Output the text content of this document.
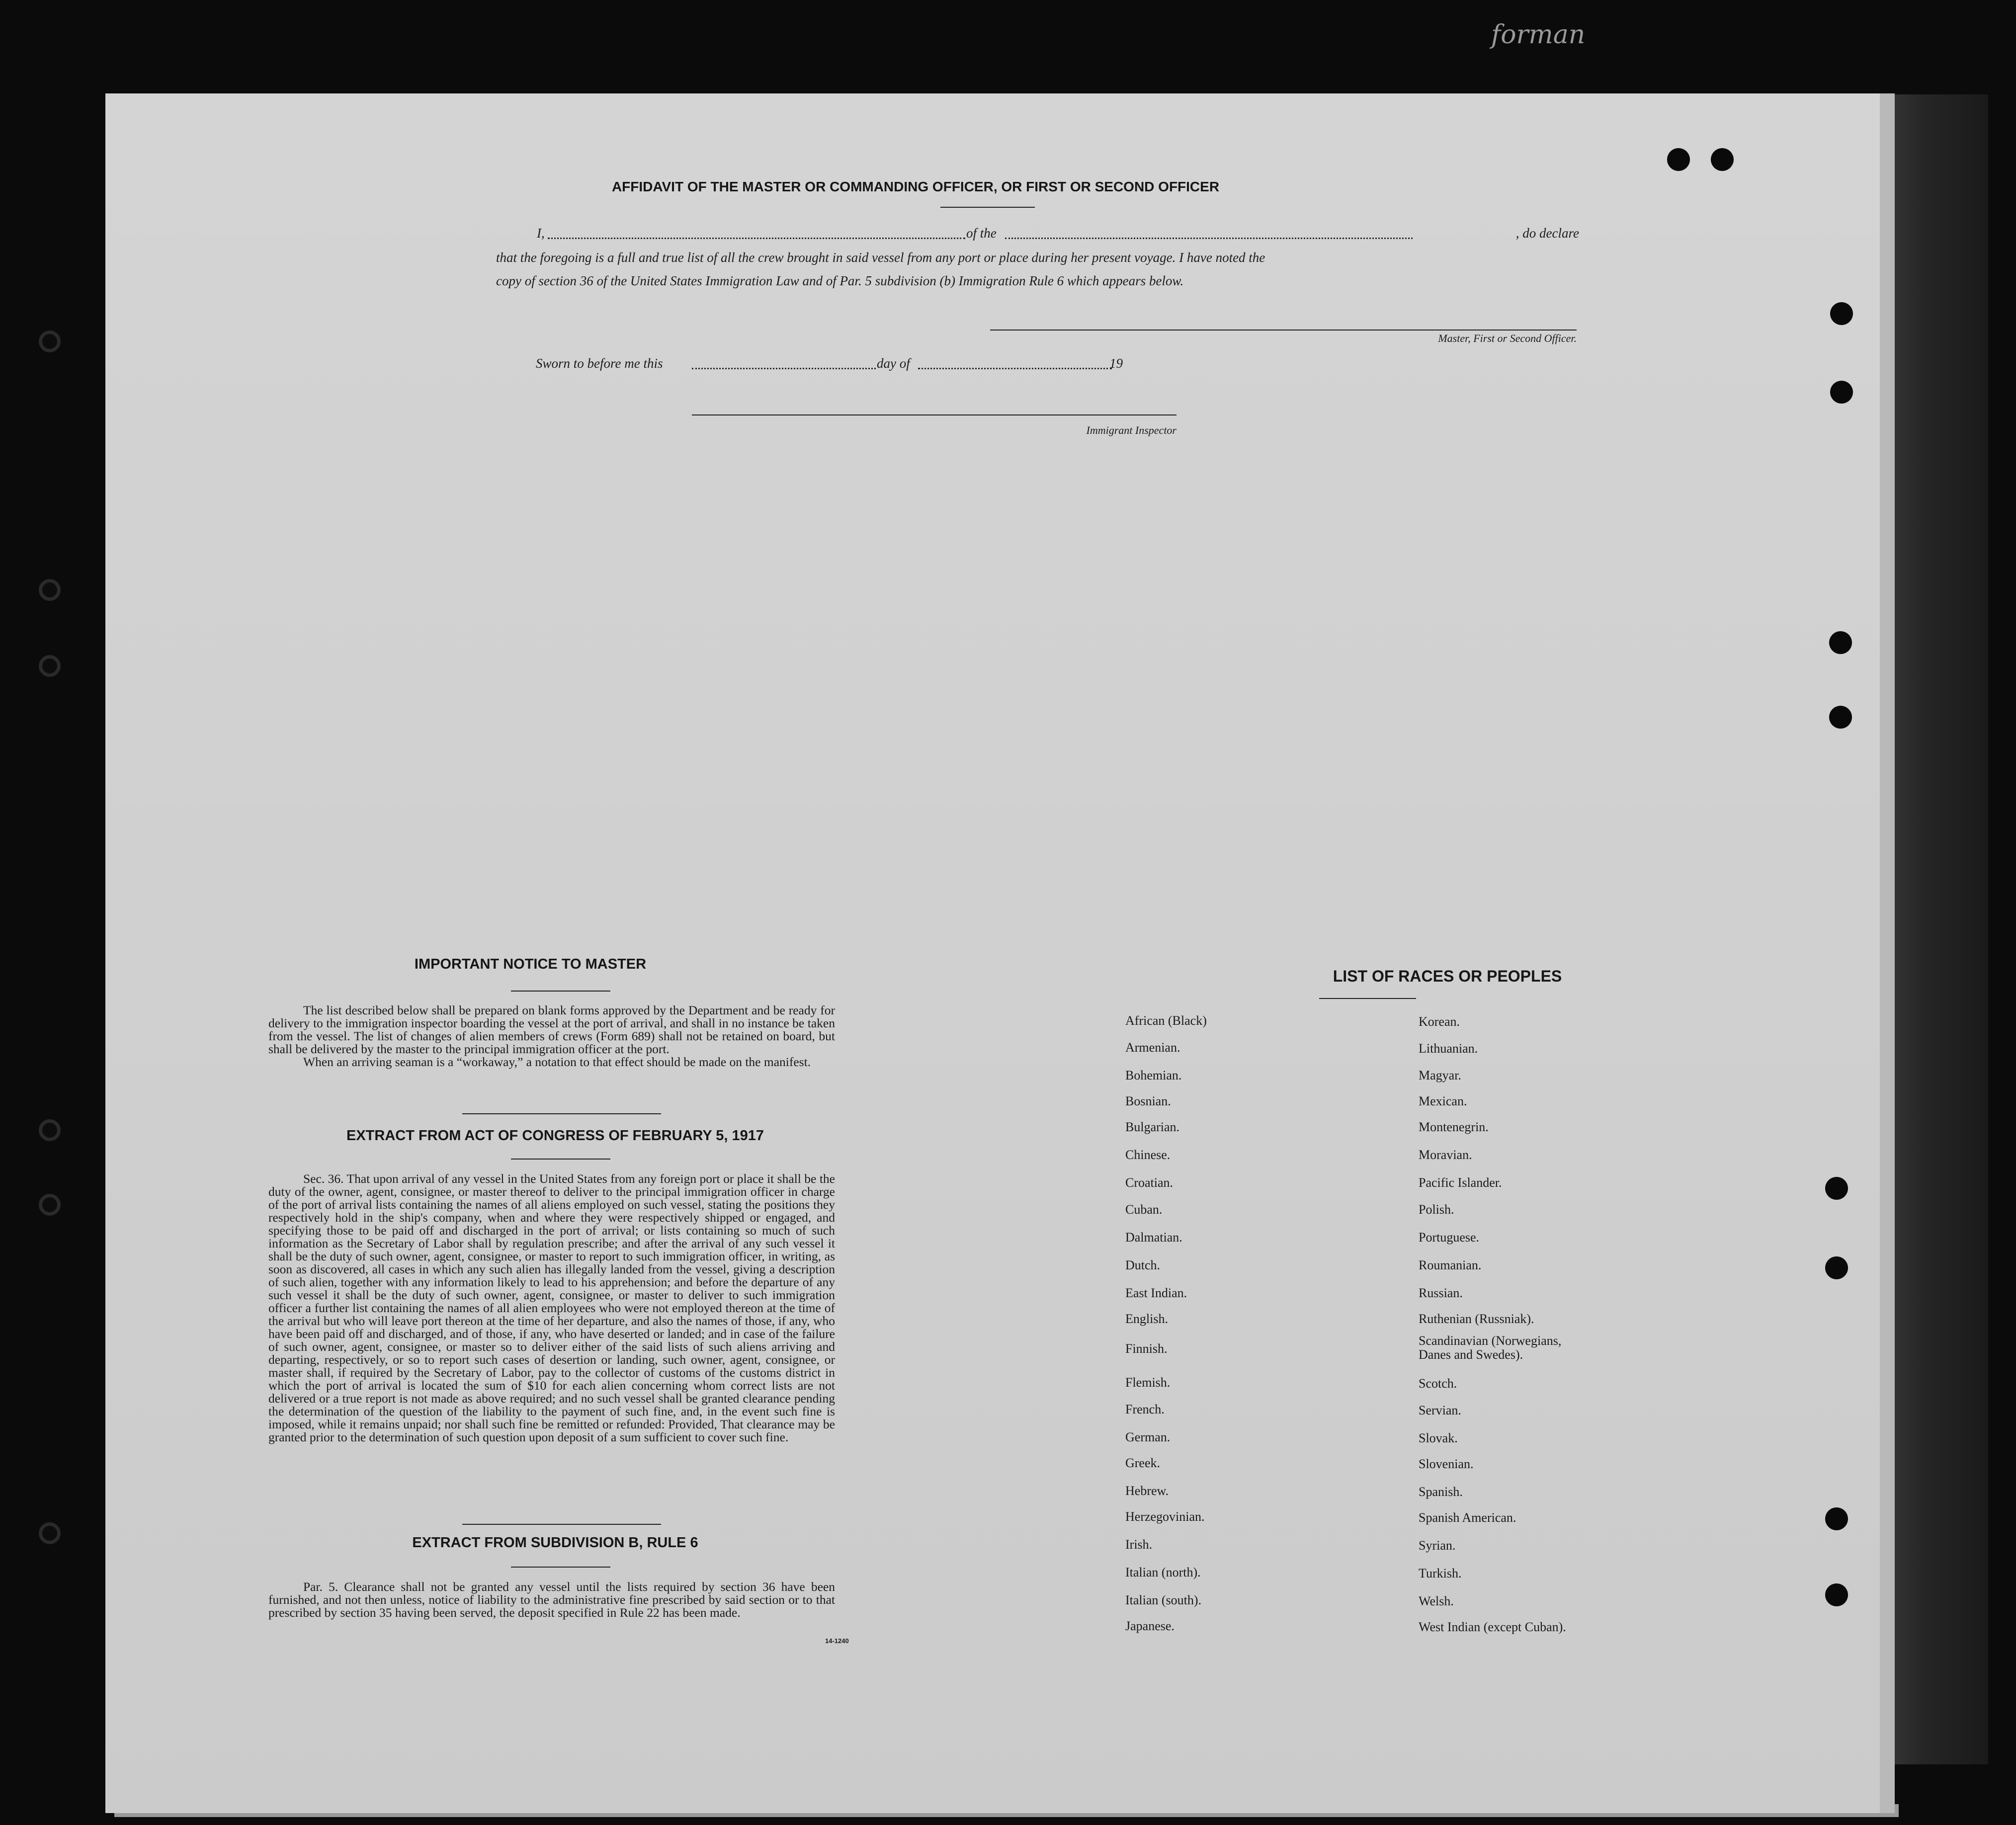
forman
AFFIDAVIT OF THE MASTER OR COMMANDING OFFICER, OR FIRST OR SECOND OFFICER
I,	of the	, do declare
that the foregoing is a full and true list of all the crew brought in said vessel from any port or place during her present voyage. I have noted the
copy of section 36 of the United States Immigration Law and of Par. 5 subdivision (b) Immigration Rule 6 which appears below.
Master, First or Second Officer.
Sworn to before me this	day of	19
Immigrant Inspector
IMPORTANT NOTICE TO MASTER

The list described below shall be prepared on blank forms approved by the Department and be ready for delivery to the immigration inspector boarding the vessel at the port of arrival, and shall in no instance be taken from the vessel. The list of changes of alien members of crews (Form 689) shall not be retained on board, but shall be delivered by the master to the principal immigration officer at the port.

When an arriving seaman is a “workaway,” a notation to that effect should be made on the manifest.

EXTRACT FROM ACT OF CONGRESS OF FEBRUARY 5, 1917

Sec. 36. That upon arrival of any vessel in the United States from any foreign port or place it shall be the duty of the owner, agent, consignee, or master thereof to deliver to the principal immigration officer in charge of the port of arrival lists containing the names of all aliens employed on such vessel, stating the positions they respectively hold in the ship's company, when and where they were respectively shipped or engaged, and specifying those to be paid off and discharged in the port of arrival; or lists containing so much of such information as the Secretary of Labor shall by regulation prescribe; and after the arrival of any such vessel it shall be the duty of such owner, agent, consignee, or master to report to such immigration officer, in writing, as soon as discovered, all cases in which any such alien has illegally landed from the vessel, giving a description of such alien, together with any information likely to lead to his apprehension; and before the departure of any such vessel it shall be the duty of such owner, agent, consignee, or master to deliver to such immigration officer a further list containing the names of all alien employees who were not employed thereon at the time of the arrival but who will leave port thereon at the time of her departure, and also the names of those, if any, who have been paid off and discharged, and of those, if any, who have deserted or landed; and in case of the failure of such owner, agent, consignee, or master so to deliver either of the said lists of such aliens arriving and departing, respectively, or so to report such cases of desertion or landing, such owner, agent, consignee, or master shall, if required by the Secretary of Labor, pay to the collector of customs of the customs district in which the port of arrival is located the sum of $10 for each alien concerning whom correct lists are not delivered or a true report is not made as above required; and no such vessel shall be granted clearance pending the determination of the question of the liability to the payment of such fine, and, in the event such fine is imposed, while it remains unpaid; nor shall such fine be remitted or refunded: Provided, That clearance may be granted prior to the determination of such question upon deposit of a sum sufficient to cover such fine.

EXTRACT FROM SUBDIVISION B, RULE 6

Par. 5. Clearance shall not be granted any vessel until the lists required by section 36 have been furnished, and not then unless, notice of liability to the administrative fine prescribed by said section or to that prescribed by section 35 having been served, the deposit specified in Rule 22 has been made.

14-1240
LIST OF RACES OR PEOPLES
African (Black)
Armenian.
Bohemian.
Bosnian.
Bulgarian.
Chinese.
Croatian.
Cuban.
Dalmatian.
Dutch.
East Indian.
English.
Finnish.
Flemish.
French.
German.
Greek.
Hebrew.
Herzegovinian.
Irish.
Italian (north).
Italian (south).
Japanese.
Korean.
Lithuanian.
Magyar.
Mexican.
Montenegrin.
Moravian.
Pacific Islander.
Polish.
Portuguese.
Roumanian.
Russian.
Ruthenian (Russniak).
Scandinavian (Norwegians,
Danes and Swedes).
Scotch.
Servian.
Slovak.
Slovenian.
Spanish.
Spanish American.
Syrian.
Turkish.
Welsh.
West Indian (except Cuban).
